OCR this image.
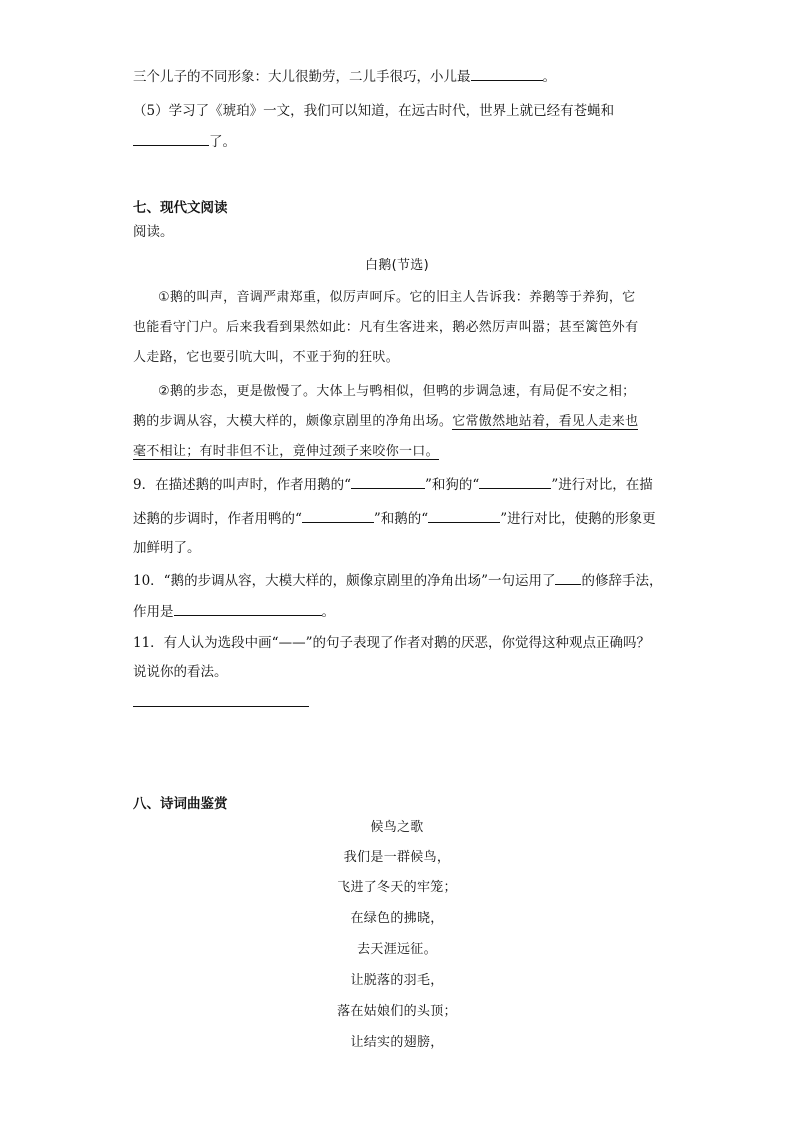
三个儿子的不同形象：大儿很勤劳，二儿手很巧，小儿最	。
（5）学习了《琥珀》一文，我们可以知道，在远古时代，世界上就已经有苍蝇和
了。
七、现代文阅读
阅读。
白鹅(节选)
①鹅的叫声，音调严肃郑重，似厉声呵斥。它的旧主人告诉我：养鹅等于养狗，它
也能看守门户。后来我看到果然如此：凡有生客进来，鹅必然厉声叫嚣；甚至篱笆外有
人走路，它也要引吭大叫，不亚于狗的狂吠。
②鹅的步态，更是傲慢了。大体上与鸭相似，但鸭的步调急速，有局促不安之相；
鹅的步调从容，大模大样的，颇像京剧里的净角出场。它常傲然地站着，看见人走来也
毫不相让；有时非但不让，竟伸过颈子来咬你一口。
9．在描述鹅的叫声时，作者用鹅的“	”和狗的“	”进行对比，在描
述鹅的步调时，作者用鸭的“	”和鹅的“	”进行对比，使鹅的形象更
加鲜明了。
10．“鹅的步调从容，大模大样的，颇像京剧里的净角出场”一句运用了 的修辞手法，
作用是	。
11．有人认为选段中画“——”的句子表现了作者对鹅的厌恶，你觉得这种观点正确吗？
说说你的看法。
八、诗词曲鉴赏
候鸟之歌
我们是一群候鸟，
飞进了冬天的牢笼；
在绿色的拂晓，
去天涯远征。
让脱落的羽毛，
落在姑娘们的头顶；
让结实的翅膀，
